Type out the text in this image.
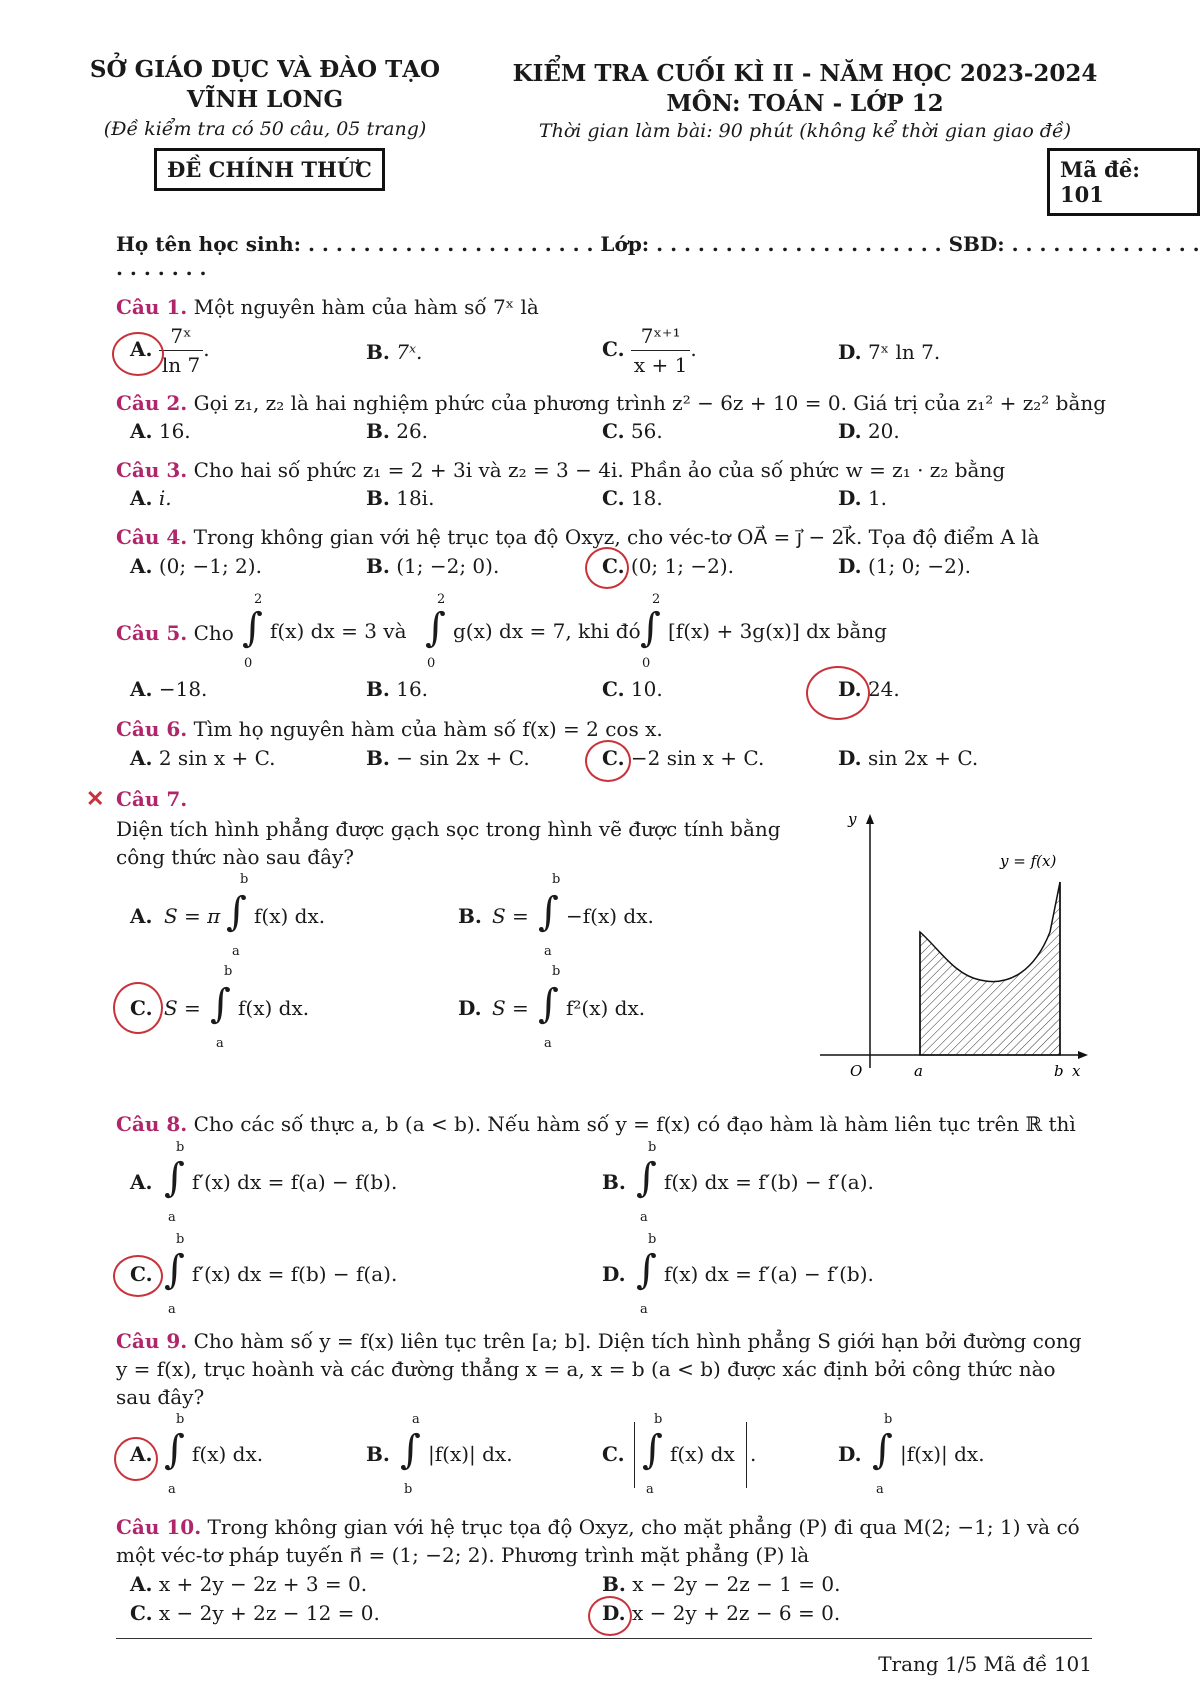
SỞ GIÁO DỤC VÀ ĐÀO TẠO
VĨNH LONG
(Đề kiểm tra có 50 câu, 05 trang)
ĐỀ CHÍNH THỨC
KIỂM TRA CUỐI KÌ II - NĂM HỌC 2023-2024
MÔN: TOÁN - LỚP 12
Thời gian làm bài: 90 phút (không kể thời gian giao đề)
Mã đề: 101
Họ tên học sinh: . . . . . . . . . . . . . . . . . . . . . Lớp: . . . . . . . . . . . . . . . . . . . . . SBD: . . . . . . . . . . . . . . . . . . . . .
Câu 1. Một nguyên hàm của hàm số 7ˣ là
A. $\frac{\text{7ˣ}}{\ln 7}$ .	B. 7ˣ.	C. $\frac{\text{7ˣ⁺¹}}{x + 1}$ .	D. 7ˣ ln 7.
Câu 2. Gọi z₁, z₂ là hai nghiệm phức của phương trình z² − 6z + 10 = 0. Giá trị của z₁² + z₂² bằng
A. 16.	B. 26.	C. 56.	D. 20.
Câu 3. Cho hai số phức z₁ = 2 + 3i và z₂ = 3 − 4i. Phần ảo của số phức w = z₁ · z₂ bằng
A. i.	B. 18i.	C. 18.	D. 1.
Câu 4. Trong không gian với hệ trục tọa độ Oxyz, cho véc-tơ OA⃗ = j⃗ − 2k⃗. Tọa độ điểm A là
A. (0; −1; 2).	B. (1; −2; 0).	C. (0; 1; −2).	D. (1; 0; −2).
Câu 5. Cho
2
∫
0
f(x) dx = 3 và
2
∫
0
g(x) dx = 7, khi đó
2
∫
0
[f(x) + 3g(x)] dx bằng
A. −18.	B. 16.	C. 10.	D. 24.
Câu 6. Tìm họ nguyên hàm của hàm số f(x) = 2 cos x.
A. 2 sin x + C.	B. − sin 2x + C.	C. −2 sin x + C.	D. sin 2x + C.
✕ Câu 7.
Diện tích hình phẳng được gạch sọc trong hình vẽ được tính bằng công thức nào sau đây?
A. S = π
b
∫
a
f(x) dx.	B. S =
b
∫
a
−f(x) dx.
C. S =
b
∫
a
f(x) dx.	D. S =
b
∫
a
f²(x) dx.
y
x
O	a	b
y = f(x)
Câu 8. Cho các số thực a, b (a < b). Nếu hàm số y = f(x) có đạo hàm là hàm liên tục trên ℝ thì
A.
b
∫
a
f′(x) dx = f(a) − f(b).	B.
b
∫
a
f(x) dx = f′(b) − f′(a).
C.
b
∫
a
f′(x) dx = f(b) − f(a).	D.
b
∫
a
f(x) dx = f′(a) − f′(b).
Câu 9. Cho hàm số y = f(x) liên tục trên [a; b]. Diện tích hình phẳng S giới hạn bởi đường cong y = f(x), trục hoành và các đường thẳng x = a, x = b (a < b) được xác định bởi công thức nào sau đây?
A.
b
∫
a
f(x) dx.	B.
a
∫
b
|f(x)| dx.	C.
b
∫
a
f(x) dx .	D.
b
∫
a
|f(x)| dx.
Câu 10. Trong không gian với hệ trục tọa độ Oxyz, cho mặt phẳng (P) đi qua M(2; −1; 1) và có một véc-tơ pháp tuyến n⃗ = (1; −2; 2). Phương trình mặt phẳng (P) là
A. x + 2y − 2z + 3 = 0.	B. x − 2y − 2z − 1 = 0.
C. x − 2y + 2z − 12 = 0.	D. x − 2y + 2z − 6 = 0.
Trang 1/5 Mã đề 101
